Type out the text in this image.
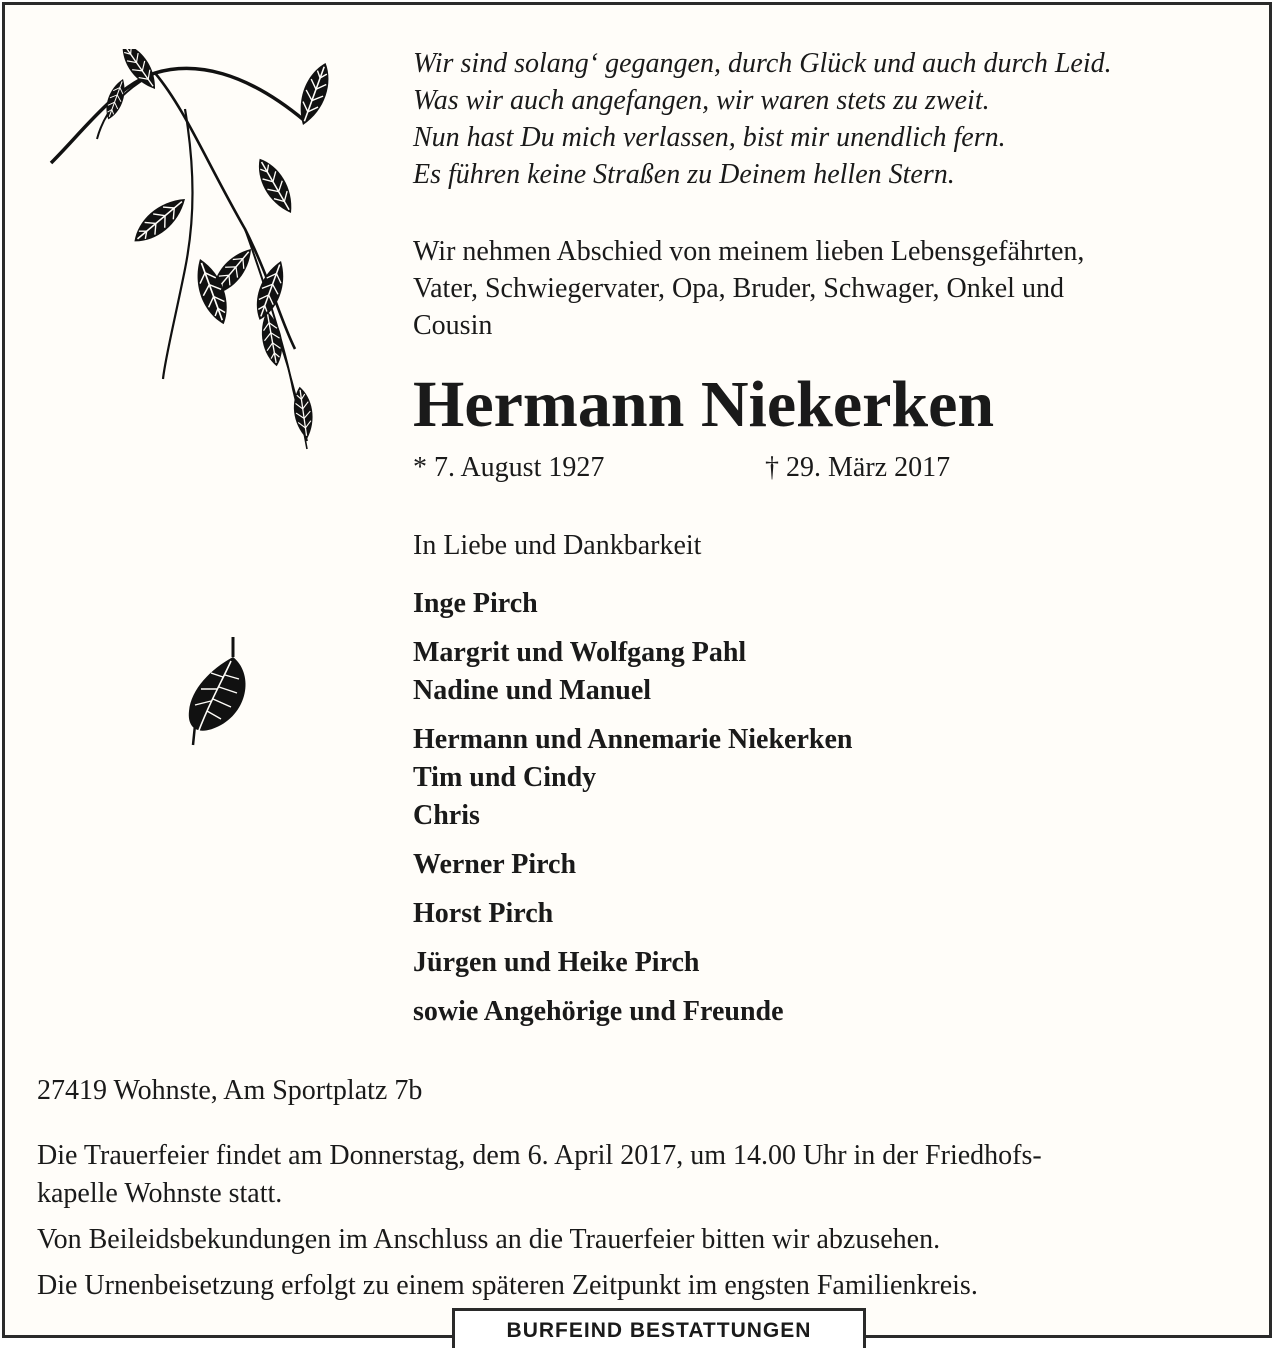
Wir sind solang‘ gegangen, durch Glück und auch durch Leid.
Was wir auch angefangen, wir waren stets zu zweit.
Nun hast Du mich verlassen, bist mir unendlich fern.
Es führen keine Straßen zu Deinem hellen Stern.
Wir nehmen Abschied von meinem lieben Lebensgefährten,
Vater, Schwiegervater, Opa, Bruder, Schwager, Onkel und
Cousin
Hermann Niekerken
* 7. August 1927	† 29. März 2017
In Liebe und Dankbarkeit
Inge Pirch
Margrit und Wolfgang Pahl
Nadine und Manuel
Hermann und Annemarie Niekerken
Tim und Cindy
Chris
Werner Pirch
Horst Pirch
Jürgen und Heike Pirch
sowie Angehörige und Freunde
27419 Wohnste, Am Sportplatz 7b

Die Trauerfeier findet am Donnerstag, dem 6. April 2017, um 14.00 Uhr in der Friedhofs-
kapelle Wohnste statt.

Von Beileidsbekundungen im Anschluss an die Trauerfeier bitten wir abzusehen.

Die Urnenbeisetzung erfolgt zu einem späteren Zeitpunkt im engsten Familienkreis.

BURFEIND BESTATTUNGEN
